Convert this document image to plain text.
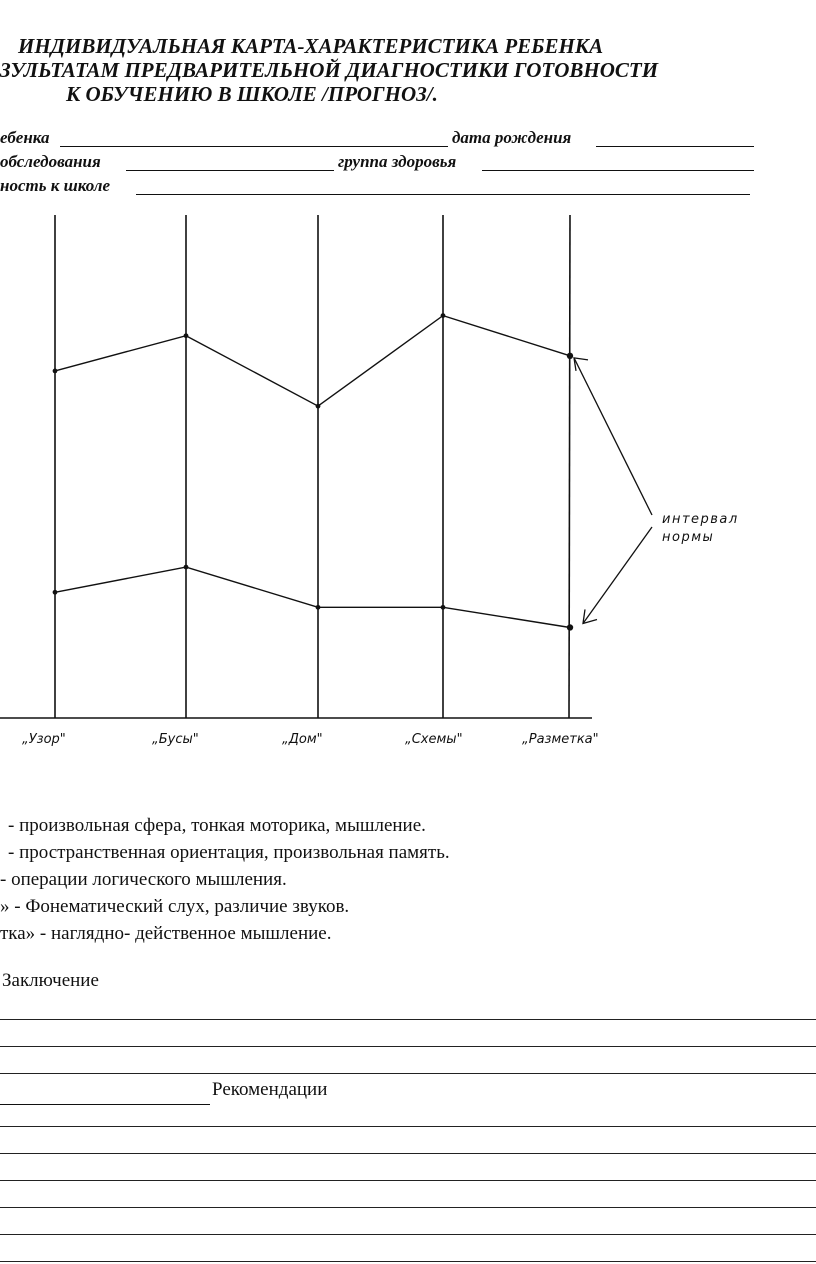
ИНДИВИДУАЛЬНАЯ КАРТА-ХАРАКТЕРИСТИКА РЕБЕНКА
ЗУЛЬТАТАМ ПРЕДВАРИТЕЛЬНОЙ ДИАГНОСТИКИ ГОТОВНОСТИ
К ОБУЧЕНИЮ В ШКОЛЕ /ПРОГНОЗ/.
ебенка	дата рождения
обследования	группа здоровья
ность к школе
„Узор"	„Бусы"	„Дом"	„Схемы"	„Разметка"
интервал
нормы
- произвольная сфера, тонкая моторика, мышление.
- пространственная ориентация, произвольная память.
- операции логического мышления.
» - Фонематический слух, различие звуков.
тка» - наглядно- действенное мышление.
Заключение
Рекомендации
